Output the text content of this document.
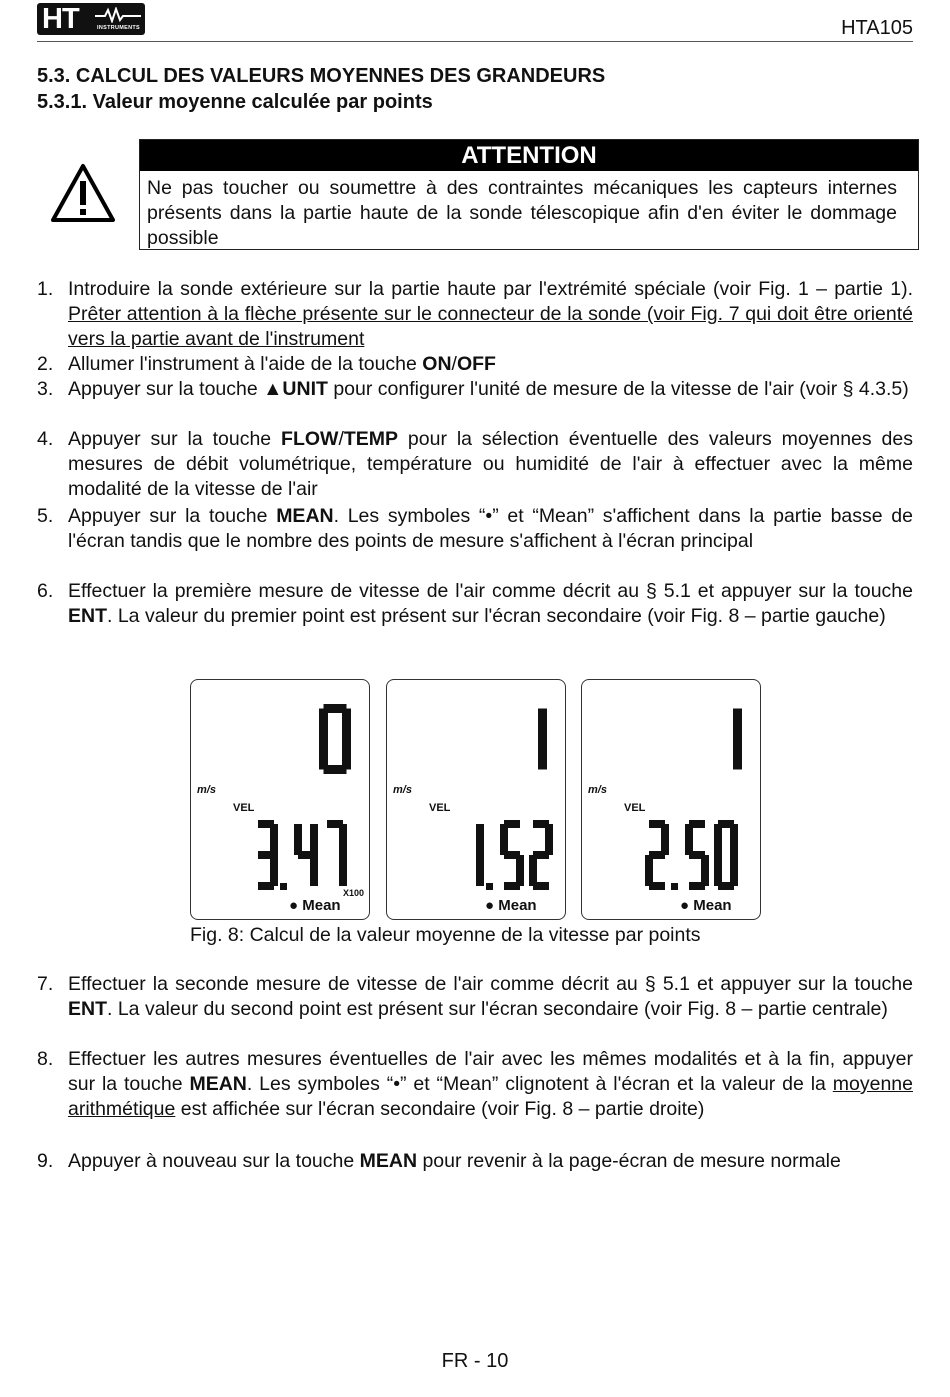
HT	INSTRUMENTS	HTA105
5.3. CALCUL DES VALEURS MOYENNES DES GRANDEURS
5.3.1. Valeur moyenne calculée par points
ATTENTION
Ne pas toucher ou soumettre à des contraintes mécaniques les capteurs internes présents dans la partie haute de la sonde télescopique afin d'en éviter le dommage possible
1. Introduire la sonde extérieure sur la partie haute par l'extrémité spéciale (voir Fig. 1 – partie 1). Prêter attention à la flèche présente sur le connecteur de la sonde (voir Fig. 7 qui doit être orienté vers la partie avant de l'instrument
2. Allumer l'instrument à l'aide de la touche ON/OFF
3. Appuyer sur la touche ▲UNIT pour configurer l'unité de mesure de la vitesse de l'air (voir § 4.3.5)
4. Appuyer sur la touche FLOW/TEMP pour la sélection éventuelle des valeurs moyennes des mesures de débit volumétrique, température ou humidité de l'air à effectuer avec la même modalité de la vitesse de l'air
5. Appuyer sur la touche MEAN. Les symboles “•” et “Mean” s'affichent dans la partie basse de l'écran tandis que le nombre des points de mesure s'affichent à l'écran principal
6. Effectuer la première mesure de vitesse de l'air comme décrit au § 5.1 et appuyer sur la touche ENT. La valeur du premier point est présent sur l'écran secondaire (voir Fig. 8 – partie gauche)
7. Effectuer la seconde mesure de vitesse de l'air comme décrit au § 5.1 et appuyer sur la touche ENT. La valeur du second point est présent sur l'écran secondaire (voir Fig. 8 – partie centrale)
8. Effectuer les autres mesures éventuelles de l'air avec les mêmes modalités et à la fin, appuyer sur la touche MEAN. Les symboles “•” et “Mean” clignotent à l'écran et la valeur de la moyenne arithmétique est affichée sur l'écran secondaire (voir Fig. 8 – partie droite)
9. Appuyer à nouveau sur la touche MEAN pour revenir à la page-écran de mesure normale
m/s
VEL
X100
● Mean
m/s
VEL
● Mean
m/s
VEL
● Mean
Fig. 8: Calcul de la valeur moyenne de la vitesse par points
FR - 10
